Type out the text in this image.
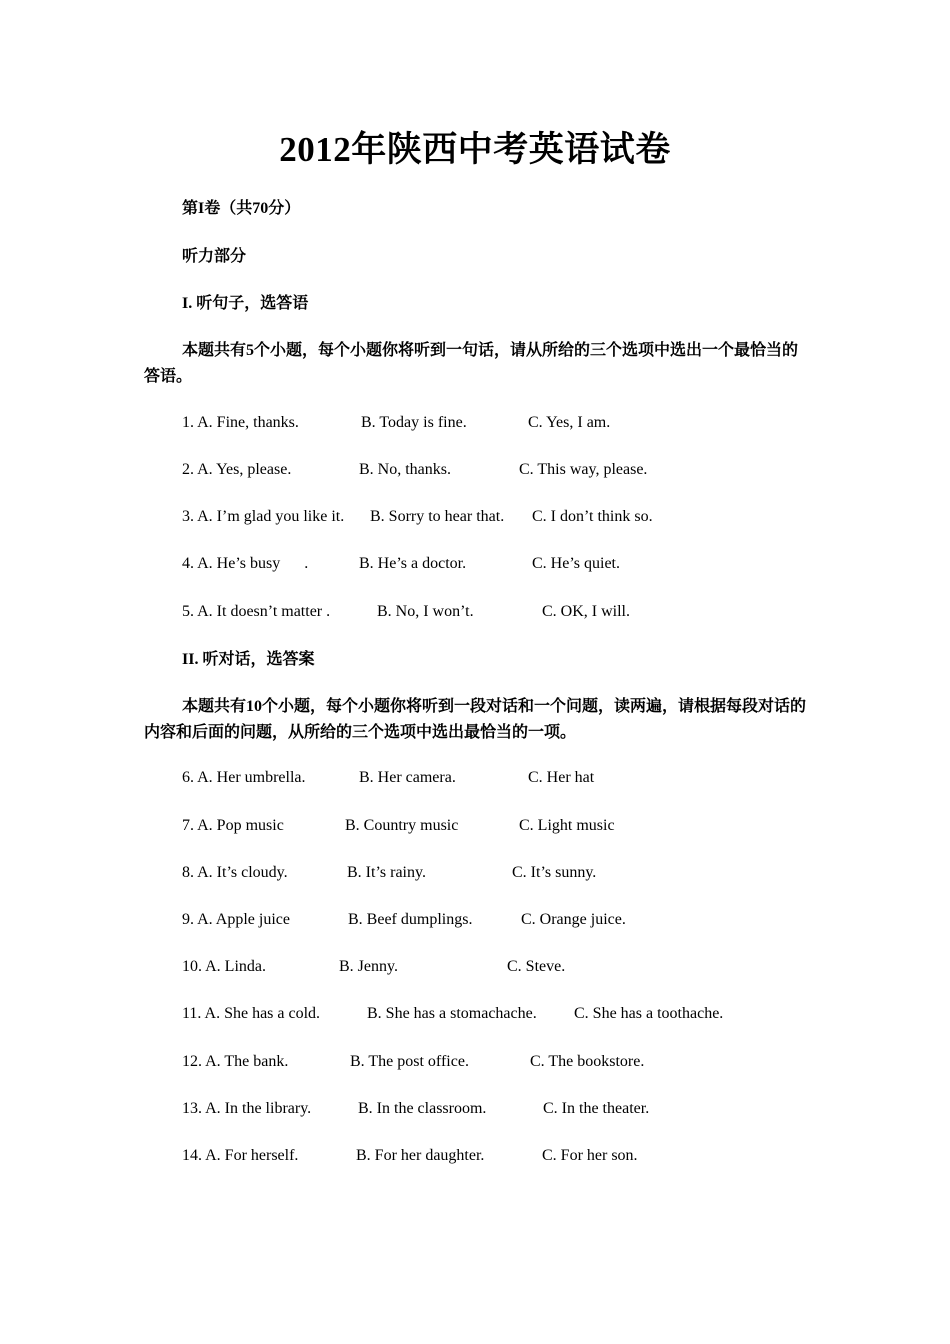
2012年陕西中考英语试卷
第I卷（共70分）
听力部分
I. 听句子，选答语
本题共有5个小题，每个小题你将听到一句话，请从所给的三个选项中选出一个最恰当的答语。
1. A. Fine, thanks.	B. Today is fine.	C. Yes, I am.
2. A. Yes, please.	B. No, thanks.	C. This way, please.
3. A. I’m glad you like it. B. Sorry to hear that. C. I don’t think so.
4. A. He’s busy      .	B. He’s a doctor.	C. He’s quiet.
5. A. It doesn’t matter .	B. No, I won’t.	C. OK, I will.
II. 听对话，选答案
本题共有10个小题，每个小题你将听到一段对话和一个问题，读两遍，请根据每段对话的内容和后面的问题，从所给的三个选项中选出最恰当的一项。
6. A. Her umbrella.	B. Her camera.	C. Her hat
7. A. Pop music	B. Country music	C. Light music
8. A. It’s cloudy.	B. It’s rainy.	C. It’s sunny.
9. A. Apple juice	B. Beef dumplings.	C. Orange juice.
10. A. Linda.	B. Jenny.	C. Steve.
11. A. She has a cold.	B. She has a stomachache. C. She has a toothache.
12. A. The bank.	B. The post office.	C. The bookstore.
13. A. In the library.	B. In the classroom.	C. In the theater.
14. A. For herself.	B. For her daughter.	C. For her son.
